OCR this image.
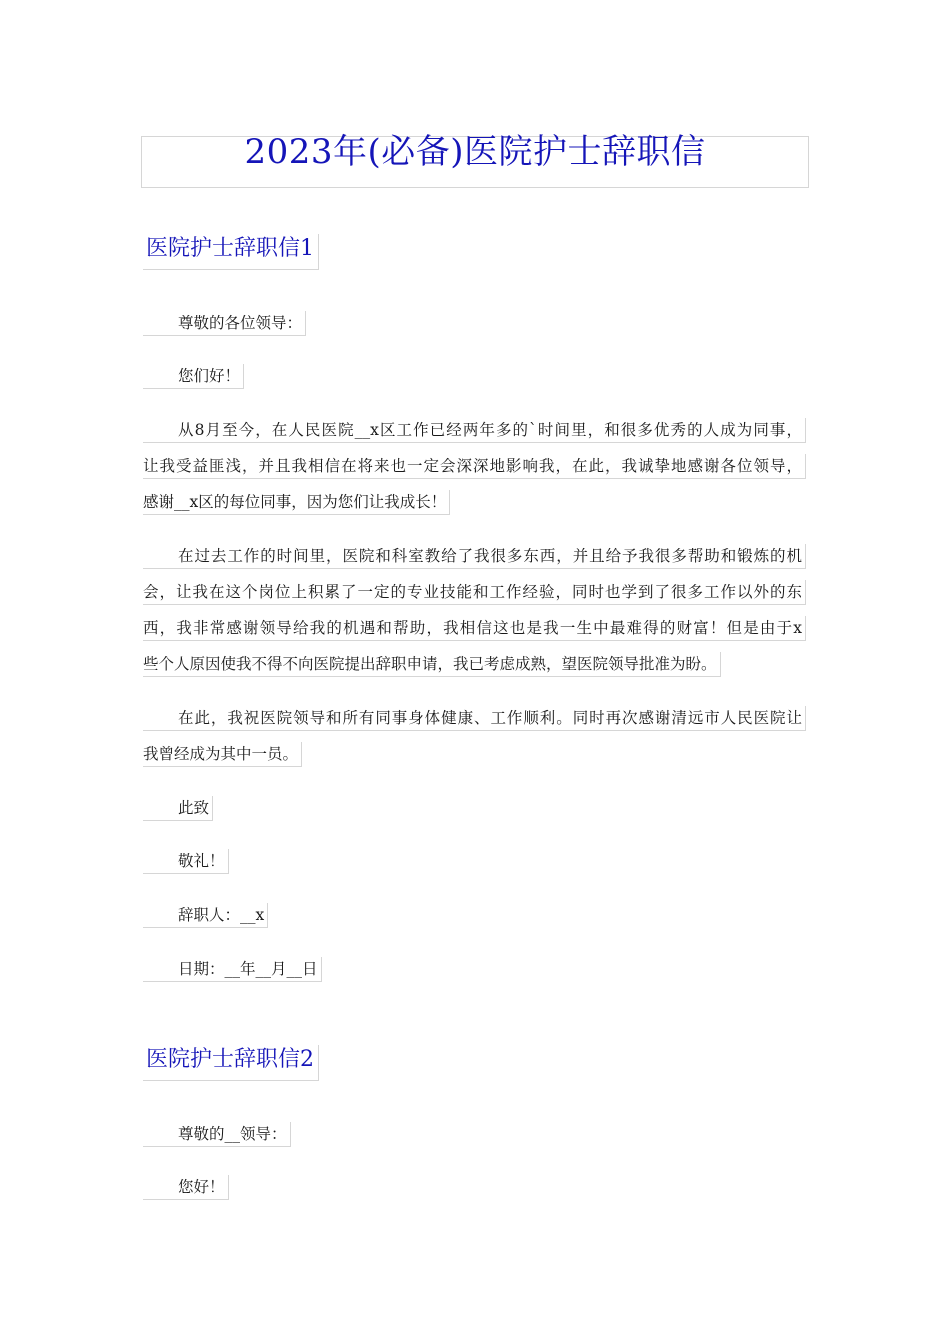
2023年(必备)医院护士辞职信
医院护士辞职信1
尊敬的各位领导：
您们好！
从8月至今，在人民医院__x区工作已经两年多的`时间里，和很多优秀的人成为同事，
让我受益匪浅，并且我相信在将来也一定会深深地影响我，在此，我诚挚地感谢各位领导，
感谢__x区的每位同事，因为您们让我成长！
在过去工作的时间里，医院和科室教给了我很多东西，并且给予我很多帮助和锻炼的机
会，让我在这个岗位上积累了一定的专业技能和工作经验，同时也学到了很多工作以外的东
西，我非常感谢领导给我的机遇和帮助，我相信这也是我一生中最难得的财富！但是由于x
些个人原因使我不得不向医院提出辞职申请，我已考虑成熟，望医院领导批准为盼。
在此，我祝医院领导和所有同事身体健康、工作顺利。同时再次感谢清远市人民医院让
我曾经成为其中一员。
此致
敬礼！
辞职人：__x
日期：__年__月__日
医院护士辞职信2
尊敬的__领导：
您好！
